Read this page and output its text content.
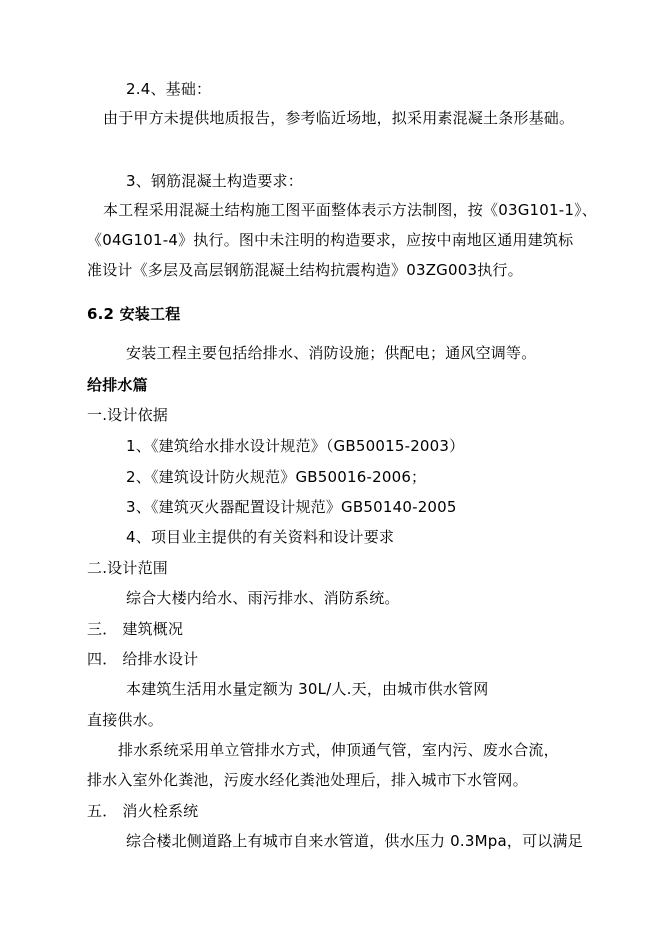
2.4、基础：
由于甲方未提供地质报告，参考临近场地，拟采用素混凝土条形基础。
3、钢筋混凝土构造要求：
本工程采用混凝土结构施工图平面整体表示方法制图，按《03G101-1》、
《04G101-4》执行。图中未注明的构造要求，应按中南地区通用建筑标
准设计《多层及高层钢筋混凝土结构抗震构造》03ZG003执行。
6.2 安装工程
安装工程主要包括给排水、消防设施；供配电；通风空调等。
给排水篇
一.设计依据
1、《建筑给水排水设计规范》（GB50015-2003）
2、《建筑设计防火规范》GB50016-2006；
3、《建筑灭火器配置设计规范》GB50140-2005
4、项目业主提供的有关资料和设计要求
二.设计范围
综合大楼内给水、雨污排水、消防系统。
三． 建筑概况
四． 给排水设计
本建筑生活用水量定额为 30L/人.天，由城市供水管网
直接供水。
排水系统采用单立管排水方式，伸顶通气管，室内污、废水合流，
排水入室外化粪池，污废水经化粪池处理后，排入城市下水管网。
五． 消火栓系统
综合楼北侧道路上有城市自来水管道，供水压力 0.3Mpa，可以满足
